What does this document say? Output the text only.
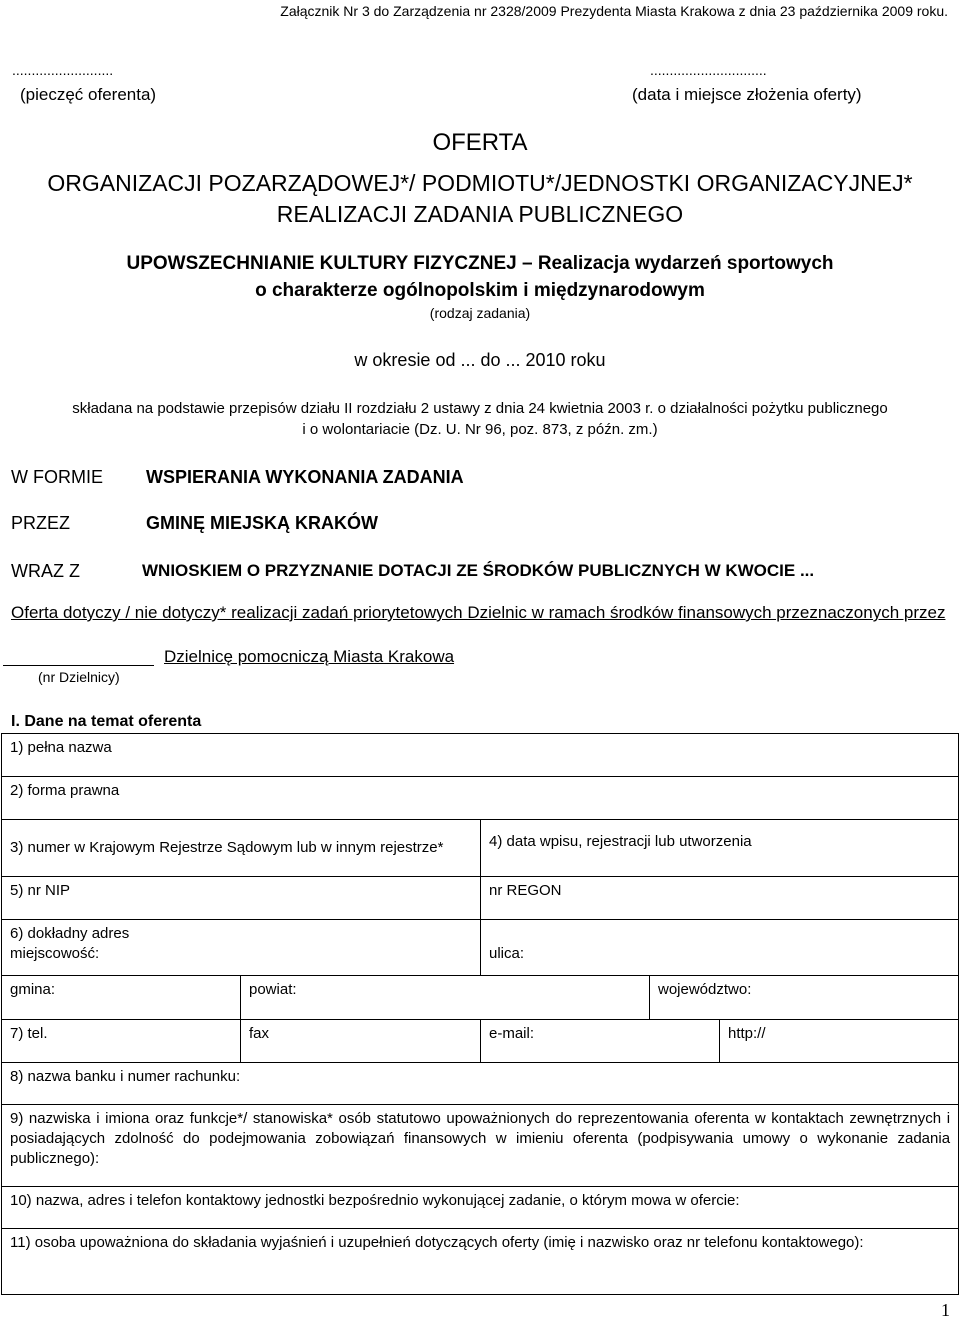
Załącznik Nr 3 do Zarządzenia nr 2328/2009 Prezydenta Miasta Krakowa z dnia 23 października 2009 roku.
..........................	..............................
(pieczęć oferenta)	(data i miejsce złożenia oferty)
OFERTA
ORGANIZACJI POZARZĄDOWEJ*/ PODMIOTU*/JEDNOSTKI ORGANIZACYJNEJ*
REALIZACJI ZADANIA PUBLICZNEGO
UPOWSZECHNIANIE KULTURY FIZYCZNEJ – Realizacja wydarzeń sportowych
o charakterze ogólnopolskim i międzynarodowym
(rodzaj zadania)
w okresie od ... do ... 2010 roku
składana na podstawie przepisów działu II rozdziału 2 ustawy z dnia 24 kwietnia 2003 r. o działalności pożytku publicznego
i o wolontariacie (Dz. U. Nr 96, poz. 873, z późn. zm.)
W FORMIE WSPIERANIA WYKONANIA ZADANIA
PRZEZ	GMINĘ MIEJSKĄ KRAKÓW
WRAZ Z	WNIOSKIEM O PRZYZNANIE DOTACJI ZE ŚRODKÓW PUBLICZNYCH W KWOCIE ...
Oferta dotyczy / nie dotyczy* realizacji zadań priorytetowych Dzielnic w ramach środków finansowych przeznaczonych przez
Dzielnicę pomocniczą Miasta Krakowa
(nr Dzielnicy)
I. Dane na temat oferenta
1) pełna nazwa				
2) forma prawna				
3) numer w Krajowym Rejestrze Sądowym lub w innym rejestrze*		4) data wpisu, rejestracji lub utworzenia		
5) nr NIP		nr REGON		

6) dokładny adres
miejscowość:		ulica:		
gmina:	powiat:		województwo:	
7) tel.	fax	e-mail:		http://
8) nazwa banku i numer rachunku:				
9) nazwiska i imiona oraz funkcje*/ stanowiska* osób statutowo upoważnionych do reprezentowania oferenta w kontaktach zewnętrznych i posiadających zdolność do podejmowania zobowiązań finansowych w imieniu oferenta (podpisywania umowy o wykonanie zadania publicznego):				
10) nazwa, adres i telefon kontaktowy jednostki bezpośrednio wykonującej zadanie, o którym mowa w ofercie:				
11) osoba upoważniona do składania wyjaśnień i uzupełnień dotyczących oferty (imię i nazwisko oraz nr telefonu kontaktowego):				
1
